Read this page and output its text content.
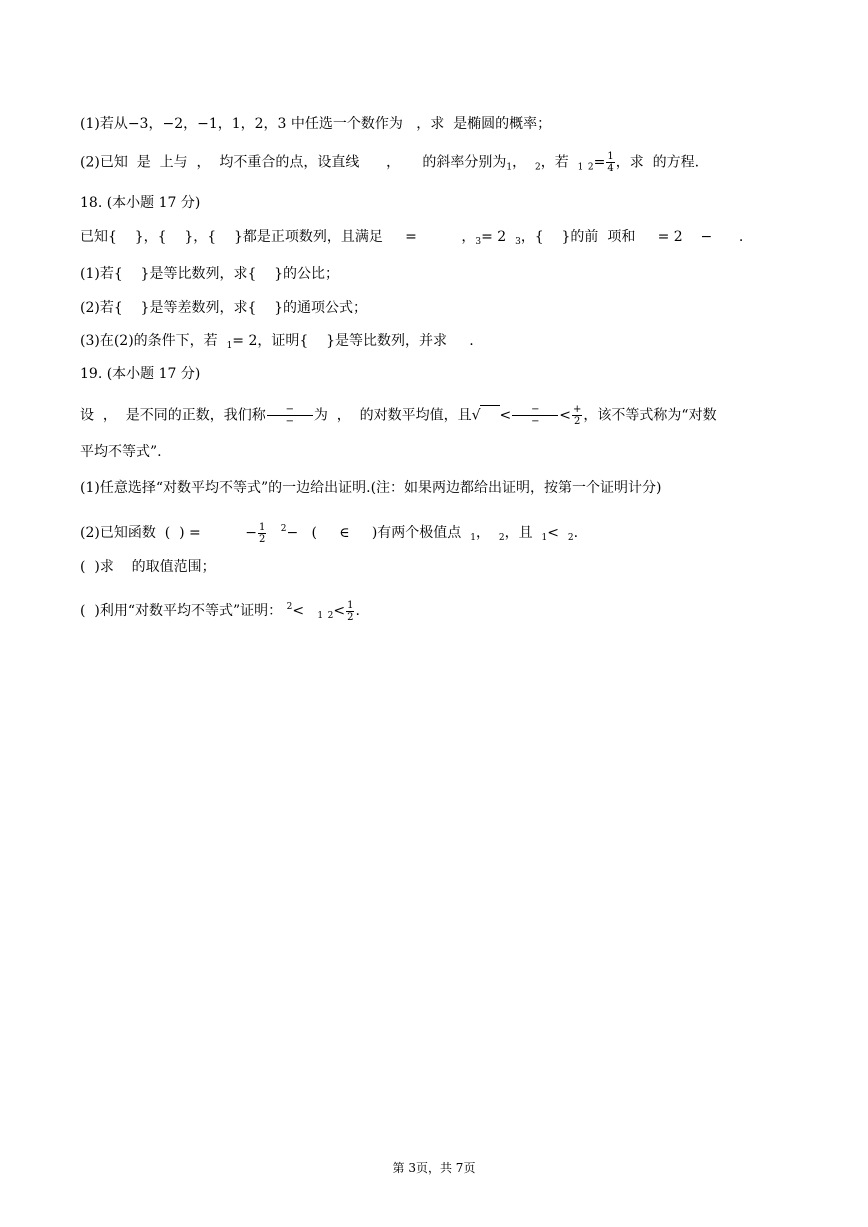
(1)若从−3，−2，−1，1，2，3 中任选一个数作为   ，求  是椭圆的概率；
(2)已知  是  上与  ，  均不重合的点，设直线      ，     的斜率分别为$_1$，  $_2$，若  $_1$ $_2= \frac{1}{4}$ ，求  的方程.
18. (本小题 17 分)
已知{    }，{    }，{    }都是正项数列，且满足     =          ，$_3$= 2  $_3$，{    }的前  项和     = 2    −      .
(1)若{    }是等比数列，求{    }的公比；
(2)若{    }是等差数列，求{    }的通项公式；
(3)在(2)的条件下，若  $_1$= 2，证明{    }是等比数列，并求     .
19. (本小题 17 分)
设  ，  是不同的正数，我们称 $\frac{-}{-}$ 为  ，  的对数平均值，且√ < $\frac{-}{-} < \frac{+}{2}$ ，该不等式称为“对数
平均不等式”.
(1)任意选择“对数平均不等式”的一边给出证明.(注：如果两边都给出证明，按第一个证明计分)
(2)已知函数  (  ) =          − $\frac{1}{2} ^2-$   (     ∈     )有两个极值点  $_1$，  $_2$，且  $_1$<  $_2$.
(  )求    的取值范围；
(  )利用“对数平均不等式”证明： $^2$<   $_1$ $_2< \frac{1}{2}$ .
第 3页，共 7页
